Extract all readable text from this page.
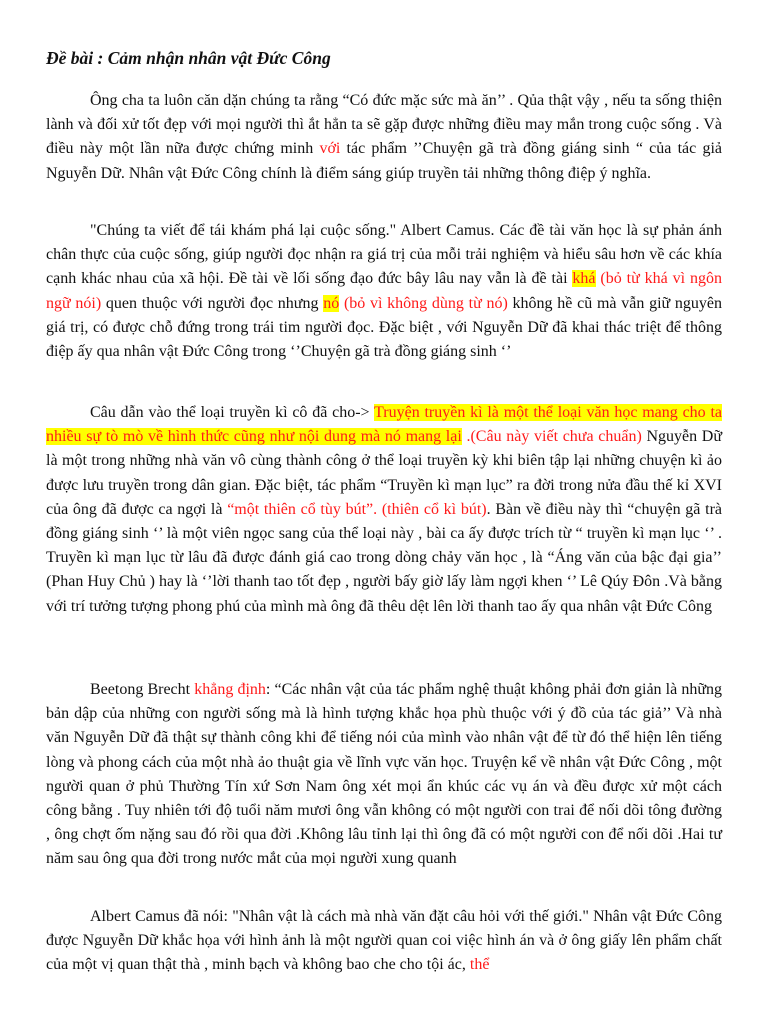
Đề bài : Cảm nhận nhân vật Đức Công
Ông cha ta luôn căn dặn chúng ta rằng “Có đức mặc sức mà ăn’’ . Qủa thật vậy , nếu ta sống thiện lành và đối xử tốt đẹp với mọi người thì ắt hẳn ta sẽ gặp được những điều may mắn trong cuộc sống . Và điều này một lần nữa được chứng minh với tác phẩm ’’Chuyện gã trà đồng giáng sinh “ của tác giả Nguyễn Dữ. Nhân vật Đức Công chính là điểm sáng giúp truyền tải những thông điệp ý nghĩa.
"Chúng ta viết để tái khám phá lại cuộc sống." Albert Camus. Các đề tài văn học là sự phản ánh chân thực của cuộc sống, giúp người đọc nhận ra giá trị của mỗi trải nghiệm và hiểu sâu hơn về các khía cạnh khác nhau của xã hội. Đề tài về lối sống đạo đức bây lâu nay vẫn là đề tài khá (bỏ từ khá vì ngôn ngữ nói) quen thuộc với người đọc nhưng nó (bỏ vì không dùng từ nó) không hề cũ mà vẫn giữ nguyên giá trị, có được chỗ đứng trong trái tim người đọc. Đặc biệt , với Nguyễn Dữ đã khai thác triệt để thông điệp ấy qua nhân vật Đức Công trong ‘’Chuyện gã trà đồng giáng sinh ‘’
Câu dẫn vào thể loại truyền kì cô đã cho-> Truyện truyền kì là một thể loại văn học mang cho ta nhiều sự tò mò về hình thức cũng như nội dung mà nó mang lại .(Câu này viết chưa chuẩn) Nguyễn Dữ là một trong những nhà văn vô cùng thành công ở thể loại truyền kỳ khi biên tập lại những chuyện kì ảo được lưu truyền trong dân gian. Đặc biệt, tác phẩm “Truyền kì mạn lục” ra đời trong nửa đầu thế kỉ XVI của ông đã được ca ngợi là “một thiên cổ tùy bút”. (thiên cổ kì bút). Bàn về điều này thì “chuyện gã trà đồng giáng sinh ‘’ là một viên ngọc sang của thể loại này , bài ca ấy được trích từ “ truyền kì mạn lục ‘’ . Truyền kì mạn lục từ lâu đã được đánh giá cao trong dòng chảy văn học , là “Áng văn của bậc đại gia’’ (Phan Huy Chủ ) hay là ‘’lời thanh tao tốt đẹp , người bấy giờ lấy làm ngợi khen ‘’ Lê Qúy Đôn .Và bằng với trí tưởng tượng phong phú của mình mà ông đã thêu dệt lên lời thanh tao ấy qua nhân vật Đức Công
Beetong Brecht khẳng định: “Các nhân vật của tác phẩm nghệ thuật không phải đơn giản là những bản dập của những con người sống mà là hình tượng khắc họa phù thuộc với ý đồ của tác giả’’ Và nhà văn Nguyễn Dữ đã thật sự thành công khi để tiếng nói của mình vào nhân vật để từ đó thể hiện lên tiếng lòng và phong cách của một nhà ảo thuật gia về lĩnh vực văn học. Truyện kể về nhân vật Đức Công , một người quan ở phủ Thường Tín xứ Sơn Nam ông xét mọi ẩn khúc các vụ án và đều được xử một cách công bằng . Tuy nhiên tới độ tuổi năm mươi ông vẫn không có một người con trai để nối dõi tông đường , ông chợt ốm nặng sau đó rồi qua đời .Không lâu tỉnh lại thì ông đã có một người con để nối dõi .Hai tư năm sau ông qua đời trong nước mắt của mọi người xung quanh
Albert Camus đã nói: "Nhân vật là cách mà nhà văn đặt câu hỏi với thế giới." Nhân vật Đức Công được Nguyễn Dữ khắc họa với hình ảnh là một người quan coi việc hình án và ở ông giấy lên phẩm chất của một vị quan thật thà , minh bạch và không bao che cho tội ác, thể
